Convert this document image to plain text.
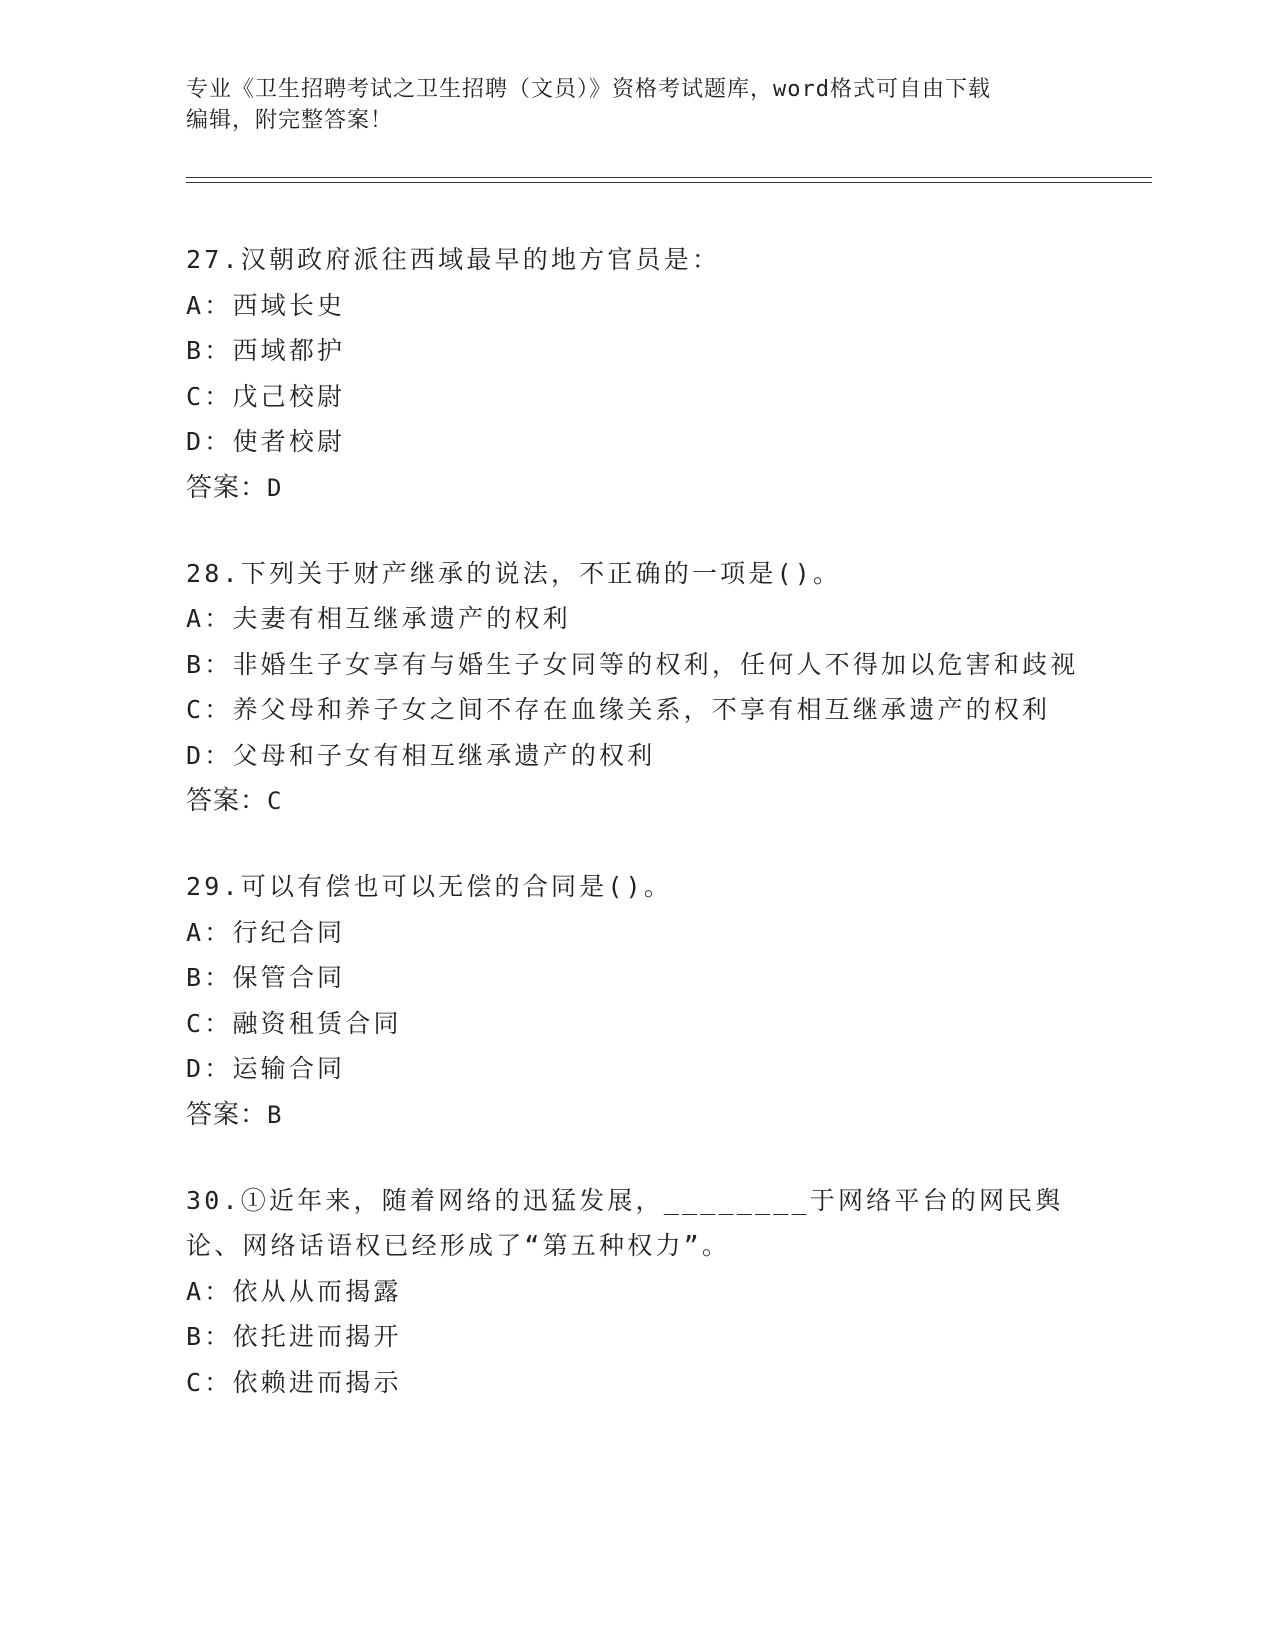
专业《卫生招聘考试之卫生招聘（文员）》资格考试题库，word格式可自由下载
编辑，附完整答案！
27.汉朝政府派往西域最早的地方官员是：
A：西域长史
B：西域都护
C：戊己校尉
D：使者校尉
答案：D
28.下列关于财产继承的说法，不正确的一项是()。
A：夫妻有相互继承遗产的权利
B：非婚生子女享有与婚生子女同等的权利，任何人不得加以危害和歧视
C：养父母和养子女之间不存在血缘关系，不享有相互继承遗产的权利
D：父母和子女有相互继承遗产的权利
答案：C
29.可以有偿也可以无偿的合同是()。
A：行纪合同
B：保管合同
C：融资租赁合同
D：运输合同
答案：B
30.①近年来，随着网络的迅猛发展，________于网络平台的网民舆论、网络话语权已经形成了“第五种权力”。
A：依从从而揭露
B：依托进而揭开
C：依赖进而揭示
